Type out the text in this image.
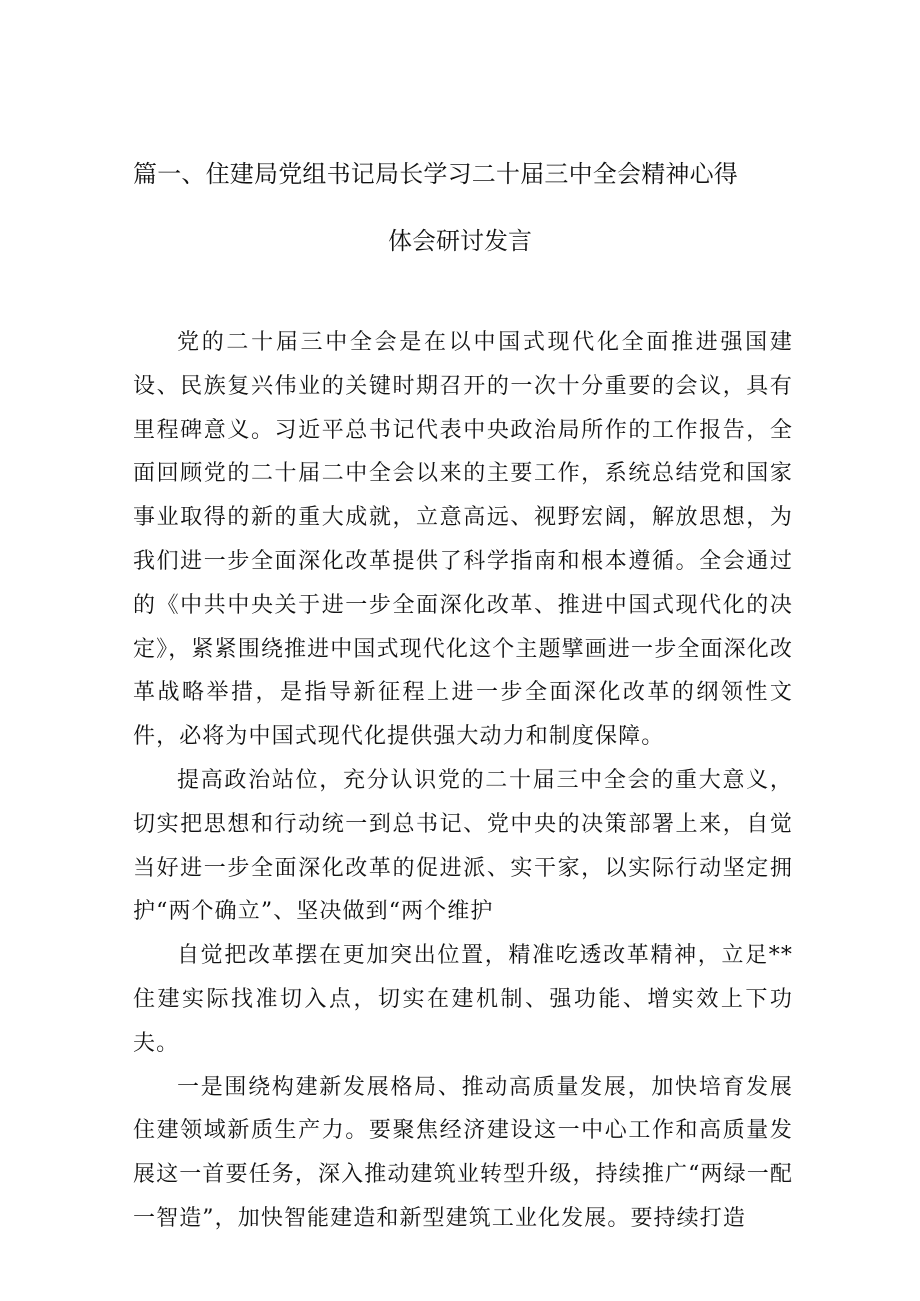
篇一、住建局党组书记局长学习二十届三中全会精神心得
体会研讨发言

党的二十届三中全会是在以中国式现代化全面推进强国建设、民族复兴伟业的关键时期召开的一次十分重要的会议，具有里程碑意义。习近平总书记代表中央政治局所作的工作报告，全面回顾党的二十届二中全会以来的主要工作，系统总结党和国家事业取得的新的重大成就，立意高远、视野宏阔，解放思想，为我们进一步全面深化改革提供了科学指南和根本遵循。全会通过的《中共中央关于进一步全面深化改革、推进中国式现代化的决定》，紧紧围绕推进中国式现代化这个主题擘画进一步全面深化改革战略举措，是指导新征程上进一步全面深化改革的纲领性文件，必将为中国式现代化提供强大动力和制度保障。

提高政治站位，充分认识党的二十届三中全会的重大意义，切实把思想和行动统一到总书记、党中央的决策部署上来，自觉当好进一步全面深化改革的促进派、实干家，以实际行动坚定拥护“两个确立”、坚决做到“两个维护

自觉把改革摆在更加突出位置，精准吃透改革精神，立足**住建实际找准切入点，切实在建机制、强功能、增实效上下功夫。

一是围绕构建新发展格局、推动高质量发展，加快培育发展住建领域新质生产力。要聚焦经济建设这一中心工作和高质量发展这一首要任务，深入推动建筑业转型升级，持续推广“两绿一配一智造”，加快智能建造和新型建筑工业化发展。要持续打造
